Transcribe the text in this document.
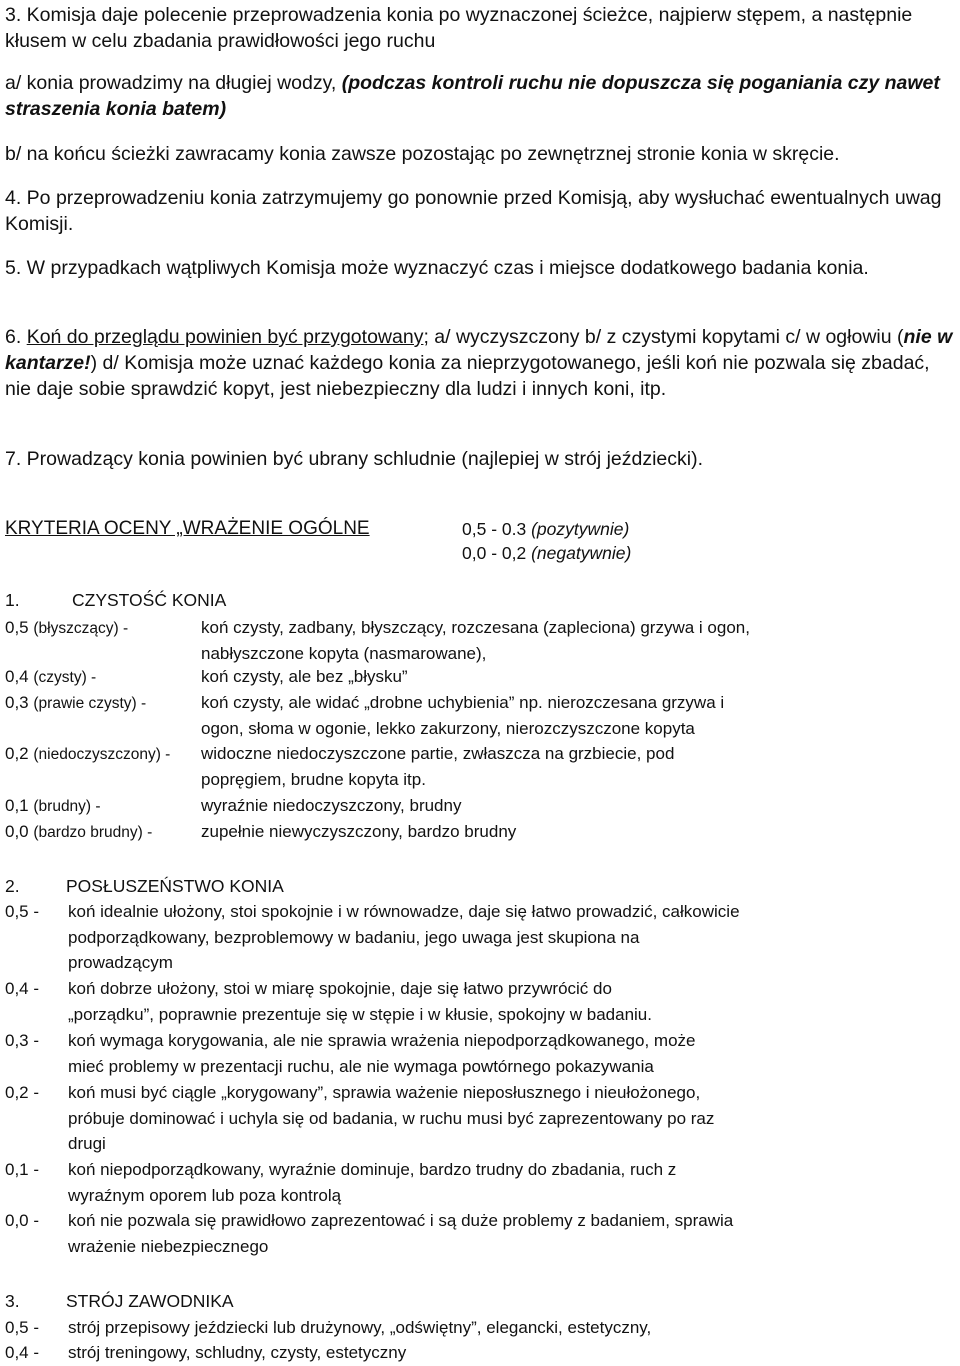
3. Komisja daje polecenie przeprowadzenia konia po wyznaczonej ścieżce, najpierw stępem, a następnie kłusem w celu zbadania prawidłowości jego ruchu

a/ konia prowadzimy na długiej wodzy, (podczas kontroli ruchu nie dopuszcza się poganiania czy nawet straszenia konia batem)

b/ na końcu ścieżki zawracamy konia zawsze pozostając po zewnętrznej stronie konia w skręcie.

4. Po przeprowadzeniu konia zatrzymujemy go ponownie przed Komisją, aby wysłuchać ewentualnych uwag Komisji.

5. W przypadkach wątpliwych Komisja może wyznaczyć czas i miejsce dodatkowego badania konia.

6. Koń do przeglądu powinien być przygotowany; a/ wyczyszczony b/ z czystymi kopytami c/ w ogłowiu (nie w kantarze!) d/ Komisja może uznać każdego konia za nieprzygotowanego, jeśli koń nie pozwala się zbadać, nie daje sobie sprawdzić kopyt, jest niebezpieczny dla ludzi i innych koni, itp.

7. Prowadzący konia powinien być ubrany schludnie (najlepiej w strój jeździecki).

KRYTERIA OCENY „WRAŻENIE OGÓLNE	0,5 - 0.3 (pozytywnie)
0,0 - 0,2 (negatywnie)
1.	CZYSTOŚĆ KONIA
0,5 (błyszczący) -	koń czysty, zadbany, błyszczący, rozczesana (zapleciona) grzywa i ogon,
nabłyszczone kopyta (nasmarowane),
0,4 (czysty) -	koń czysty, ale bez „błysku”
0,3 (prawie czysty) -	koń czysty, ale widać „drobne uchybienia” np. nierozczesana grzywa i
ogon, słoma w ogonie, lekko zakurzony, nierozczyszczone kopyta
0,2 (niedoczyszczony) - widoczne niedoczyszczone partie, zwłaszcza na grzbiecie, pod
popręgiem, brudne kopyta itp.
0,1 (brudny) -	wyraźnie niedoczyszczony, brudny
0,0 (bardzo brudny) -	zupełnie niewyczyszczony, bardzo brudny
2.	POSŁUSZEŃSTWO KONIA
0,5 - koń idealnie ułożony, stoi spokojnie i w równowadze, daje się łatwo prowadzić, całkowicie
podporządkowany, bezproblemowy w badaniu, jego uwaga jest skupiona na
prowadzącym
0,4 - koń dobrze ułożony, stoi w miarę spokojnie, daje się łatwo przywrócić do
„porządku”, poprawnie prezentuje się w stępie i w kłusie, spokojny w badaniu.
0,3 - koń wymaga korygowania, ale nie sprawia wrażenia niepodporządkowanego, może
mieć problemy w prezentacji ruchu, ale nie wymaga powtórnego pokazywania
0,2 - koń musi być ciągle „korygowany”, sprawia ważenie nieposłusznego i nieułożonego,
próbuje dominować i uchyla się od badania, w ruchu musi być zaprezentowany po raz
drugi
0,1 - koń niepodporządkowany, wyraźnie dominuje, bardzo trudny do zbadania, ruch z
wyraźnym oporem lub poza kontrolą
0,0 - koń nie pozwala się prawidłowo zaprezentować i są duże problemy z badaniem, sprawia
wrażenie niebezpiecznego
3.	STRÓJ ZAWODNIKA
0,5 - strój przepisowy jeździecki lub drużynowy, „odświętny”, elegancki, estetyczny,
0,4 - strój treningowy, schludny, czysty, estetyczny
